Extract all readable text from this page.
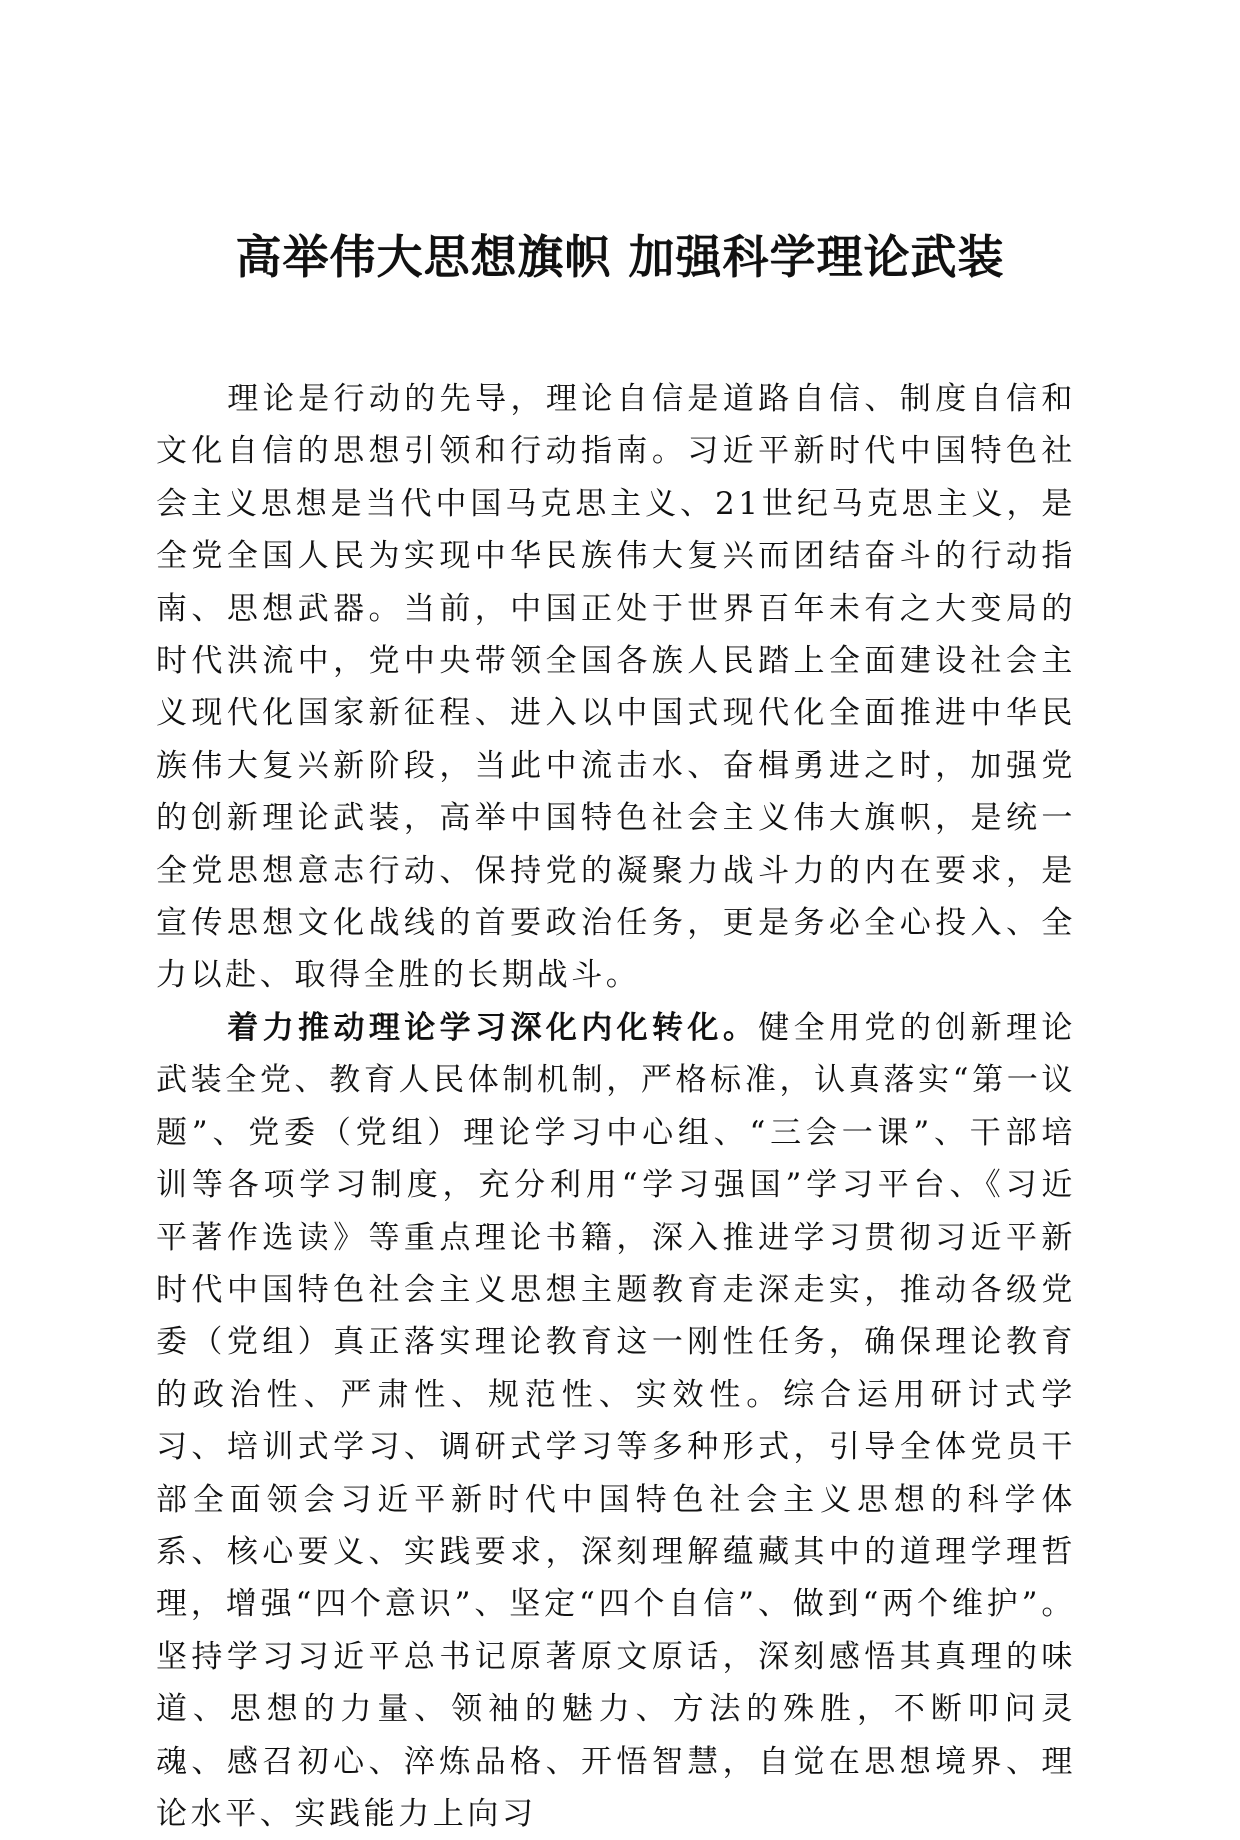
高举伟大思想旗帜 加强科学理论武装

理论是行动的先导，理论自信是道路自信、制度自信和文化自信的思想引领和行动指南。习近平新时代中国特色社会主义思想是当代中国马克思主义、21世纪马克思主义，是全党全国人民为实现中华民族伟大复兴而团结奋斗的行动指南、思想武器。当前，中国正处于世界百年未有之大变局的时代洪流中，党中央带领全国各族人民踏上全面建设社会主义现代化国家新征程、进入以中国式现代化全面推进中华民族伟大复兴新阶段，当此中流击水、奋楫勇进之时，加强党的创新理论武装，高举中国特色社会主义伟大旗帜，是统一全党思想意志行动、保持党的凝聚力战斗力的内在要求，是宣传思想文化战线的首要政治任务，更是务必全心投入、全力以赴、取得全胜的长期战斗。

着力推动理论学习深化内化转化。健全用党的创新理论武装全党、教育人民体制机制，严格标准，认真落实“第一议题”、党委（党组）理论学习中心组、“三会一课”、干部培训等各项学习制度，充分利用“学习强国”学习平台、《习近平著作选读》等重点理论书籍，深入推进学习贯彻习近平新时代中国特色社会主义思想主题教育走深走实，推动各级党委（党组）真正落实理论教育这一刚性任务，确保理论教育的政治性、严肃性、规范性、实效性。综合运用研讨式学习、培训式学习、调研式学习等多种形式，引导全体党员干部全面领会习近平新时代中国特色社会主义思想的科学体系、核心要义、实践要求，深刻理解蕴藏其中的道理学理哲理，增强“四个意识”、坚定“四个自信”、做到“两个维护”。坚持学习习近平总书记原著原文原话，深刻感悟其真理的味道、思想的力量、领袖的魅力、方法的殊胜，不断叩问灵魂、感召初心、淬炼品格、开悟智慧，自觉在思想境界、理论水平、实践能力上向习
